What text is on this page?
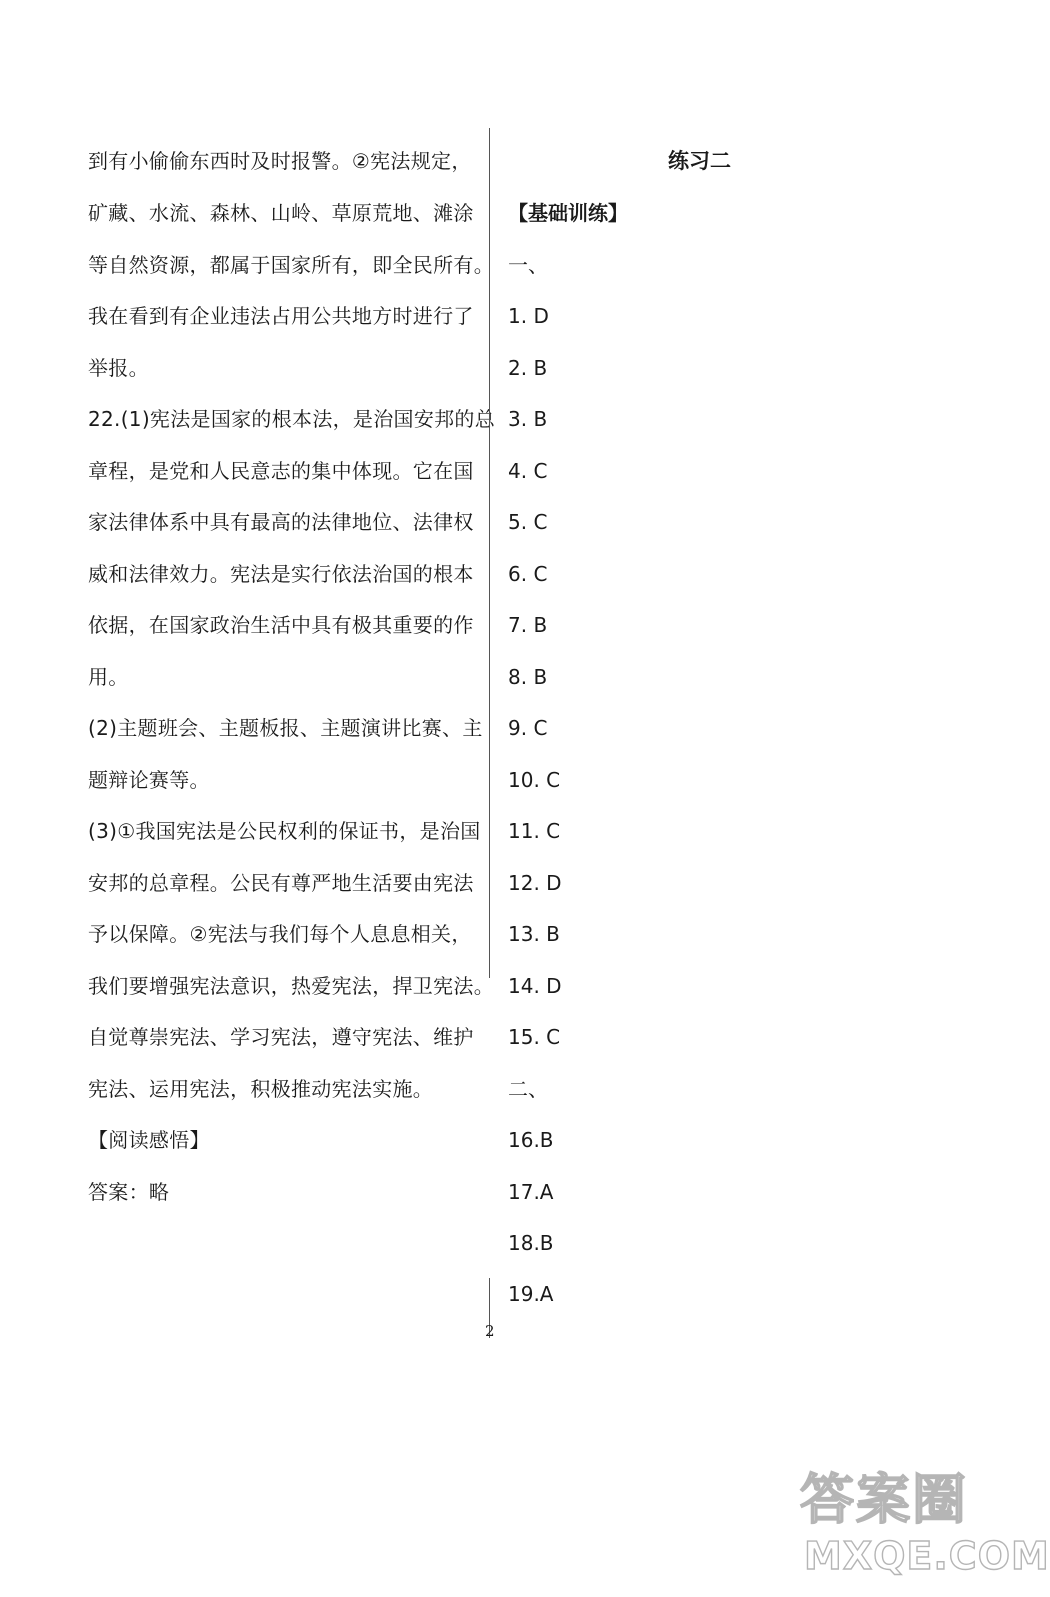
到有小偷偷东西时及时报警。②宪法规定，
矿藏、水流、森林、山岭、草原荒地、滩涂
等自然资源，都属于国家所有，即全民所有。
我在看到有企业违法占用公共地方时进行了
举报。
22.(1)宪法是国家的根本法，是治国安邦的总
章程，是党和人民意志的集中体现。它在国
家法律体系中具有最高的法律地位、法律权
威和法律效力。宪法是实行依法治国的根本
依据，在国家政治生活中具有极其重要的作
用。
(2)主题班会、主题板报、主题演讲比赛、主
题辩论赛等。
(3)①我国宪法是公民权利的保证书，是治国
安邦的总章程。公民有尊严地生活要由宪法
予以保障。②宪法与我们每个人息息相关，
我们要增强宪法意识，热爱宪法，捍卫宪法。
自觉尊崇宪法、学习宪法，遵守宪法、维护
宪法、运用宪法，积极推动宪法实施。
【阅读感悟】
答案：略
练习二
【基础训练】
一、
1. D
2. B
3. B
4. C
5. C
6. C
7. B
8. B
9. C
10. C
11. C
12. D
13. B
14. D
15. C
二、
16.B
17.A
18.B
19.A
2
答案圈
MXQE.COM
